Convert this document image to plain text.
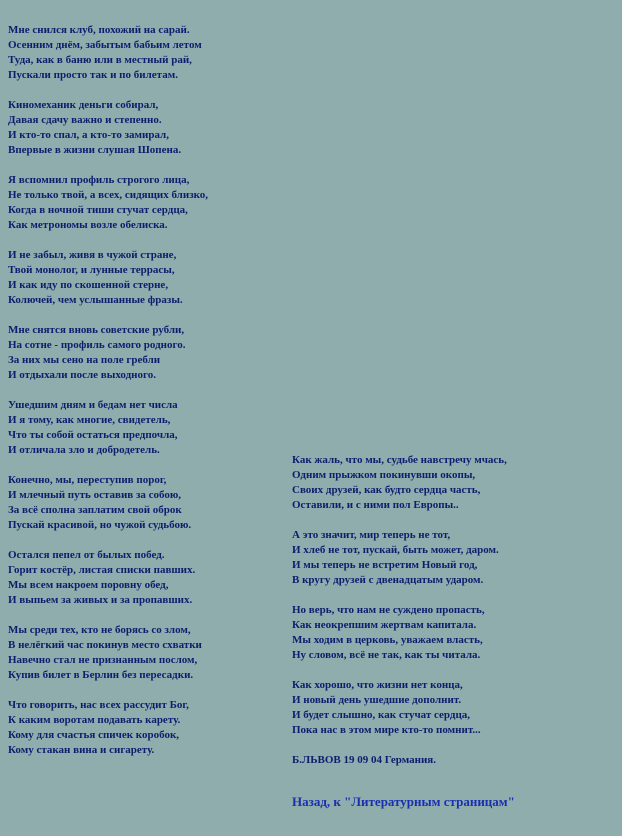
Мне снился клуб, похожий на сарай.
Осенним днём, забытым бабьим летом
Туда, как в баню или в местный рай,
Пускали просто так и по билетам.
Киномеханик деньги собирал,
Давая сдачу важно и степенно.
И кто-то спал, а кто-то замирал,
Впервые в жизни слушая Шопена.
Я вспомнил профиль строгого лица,
Не только твой, а всех, сидящих близко,
Когда в ночной тиши стучат сердца,
Как метрономы возле обелиска.
И не забыл, живя в чужой стране,
Твой монолог, и лунные террасы,
И как иду по скошенной стерне,
Колючей, чем услышанные фразы.
Мне снятся вновь советские рубли,
На сотне - профиль самого родного.
За них мы сено на поле гребли
И отдыхали после выходного.
Ушедшим дням и бедам нет числа
И я тому, как многие, свидетель,
Что ты собой остаться предпочла,
И отличала зло и добродетель.
Конечно, мы, переступив порог,
И млечный путь оставив за собою,
За всё сполна заплатим свой оброк
Пускай красивой, но чужой судьбою.
Остался пепел от былых побед.
Горит костёр, листая списки павших.
Мы всем накроем поровну обед,
И выпьем за живых и за пропавших.
Мы среди тех, кто не борясь со злом,
В нелёгкий час покинув место схватки
Навечно стал не признанным послом,
Купив билет в Берлин без пересадки.
Что говорить, нас всех рассудит Бог,
К каким воротам подавать карету.
Кому для счастья спичек коробок,
Кому стакан вина и сигарету.
Как жаль, что мы, судьбе навстречу мчась,
Одним прыжком покинувши окопы,
Своих друзей, как будто сердца часть,
Оставили, и с ними пол Европы..
А это значит, мир теперь не тот,
И хлеб не тот, пускай, быть может, даром.
И мы теперь не встретим Новый год,
В кругу друзей с двенадцатым ударом.
Но верь, что нам не суждено пропасть,
Как неокрепшим жертвам капитала.
Мы ходим в церковь, уважаем власть,
Ну словом, всё не так, как ты читала.
Как хорошо, что жизни нет конца,
И новый день ушедшие дополнит.
И будет слышно, как стучат сердца,
Пока нас в этом мире кто-то помнит...
Б.ЛЬВОВ 19 09 04 Германия.
Назад, к "Литературным страницам"
